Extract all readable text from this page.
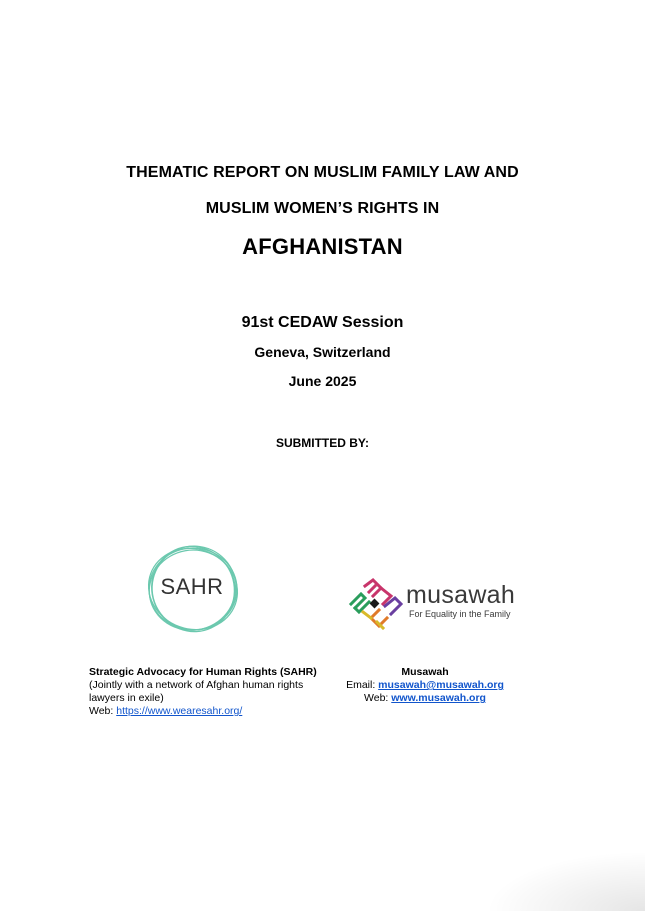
THEMATIC REPORT ON MUSLIM FAMILY LAW AND
MUSLIM WOMEN’S RIGHTS IN
AFGHANISTAN
91st CEDAW Session
Geneva, Switzerland
June 2025
SUBMITTED BY:
SAHR	musawah
For Equality in the Family
Strategic Advocacy for Human Rights (SAHR)
(Jointly with a network of Afghan human rights lawyers in exile)
Web: https://www.wearesahr.org/
Musawah
Email: musawah@musawah.org
Web: www.musawah.org
